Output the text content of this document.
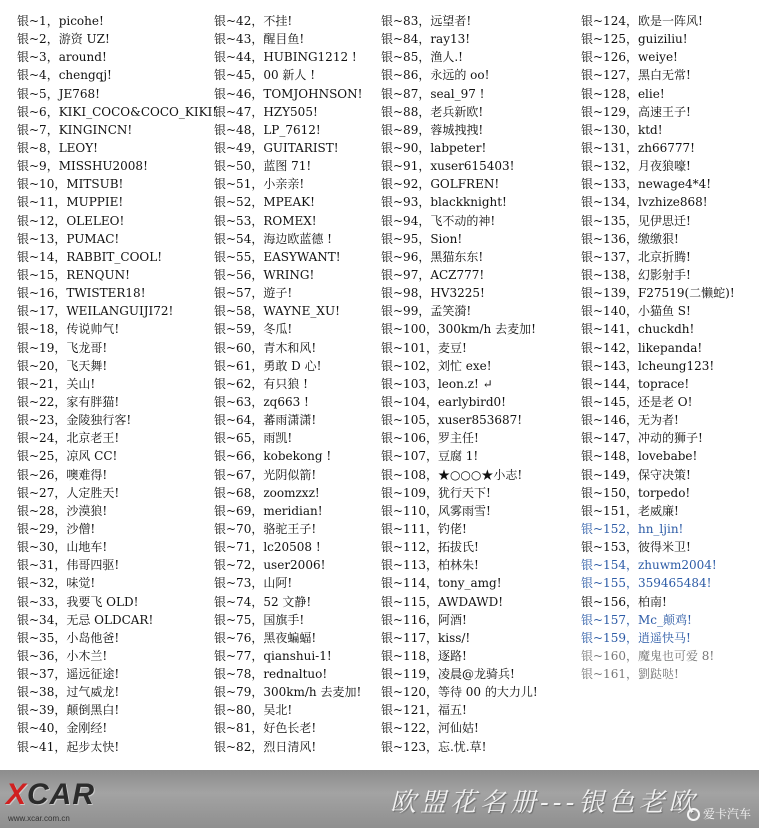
银~1，picohe!
银~2，游资 UZ!
银~3，around!
银~4，chengqj!
银~5，JE768!
银~6，KIKI_COCO&COCO_KIKI!
银~7，KINGINCN!
银~8，LEOY!
银~9，MISSHU2008!
银~10，MITSUB!
银~11，MUPPIE!
银~12，OLELEO!
银~13，PUMAC!
银~14，RABBIT_COOL!
银~15，RENQUN!
银~16，TWISTER18!
银~17，WEILANGUIJI72!
银~18，传说帅气!
银~19，飞龙哥!
银~20，飞天舞!
银~21，关山!
银~22，家有胖猫!
银~23，金陵独行客!
银~24，北京老王!
银~25，凉风 CC!
银~26，噢难得!
银~27，人定胜天!
银~28，沙漠狼!
银~29，沙僧!
银~30，山地车!
银~31，伟哥四驱!
银~32，味觉!
银~33，我要飞 OLD!
银~34，无忌 OLDCAR!
银~35，小岛他爸!
银~36，小木兰!
银~37，遥远征途!
银~38，过气威龙!
银~39，颠倒黑白!
银~40，金刚经!
银~41，起步太快!
银~42，不挂!
银~43，醒目鱼!
银~44，HUBING1212 !
银~45，00 新人 !
银~46，TOMJOHNSON!
银~47，HZY505!
银~48，LP_7612!
银~49，GUITARIST!
银~50，蓝图 71!
银~51，小亲亲!
银~52，MPEAK!
银~53，ROMEX!
银~54，海边欧蓝德 !
银~55，EASYWANT!
银~56，WRING!
银~57，遊子!
银~58，WAYNE_XU!
银~59，冬瓜!
银~60，青木和风!
银~61，勇敢 D 心!
银~62，有只狼 !
银~63，zq663 !
银~64，蕃雨潇潇!
银~65，雨凯!
银~66，kobekong !
银~67，光阴似箭!
银~68，zoomzxz!
银~69，meridian!
银~70，骆驼王子!
银~71，lc20508 !
银~72，user2006!
银~73，山阿!
银~74，52 文静!
银~75，国旗手!
银~76，黑夜蝙蝠!
银~77，qianshui-1!
银~78，rednaltuo!
银~79，300km/h 去麦加!
银~80，吴北!
银~81，好色长老!
银~82，烈日清风!
银~83，远望者!
银~84，ray13!
银~85，渔人.!
银~86，永远的 oo!
银~87，seal_97 !
银~88，老兵新欧!
银~89，蓉城拽拽!
银~90，labpeter!
银~91，xuser615403!
银~92，GOLFREN!
银~93，blackknight!
银~94，飞不动的神!
银~95，Sion!
银~96，黑猫东东!
银~97，ACZ777!
银~98，HV3225!
银~99，孟笑漪!
银~100，300km/h 去麦加!
银~101，麦豆!
银~102，刘忙 exe!
银~103，leon.z! ↵
银~104，earlybird0!
银~105，xuser853687!
银~106，罗主任!
银~107，豆腐 1!
银~108，★○○○★小志!
银~109，犹行天下!
银~110，风雾雨雪!
银~111，钓佬!
银~112，拓拔氏!
银~113，柏林朱!
银~114，tony_amg!
银~115，AWDAWD!
银~116，阿酒!
银~117，kiss/!
银~118，逐路!
银~119，凌晨@龙骑兵!
银~120，等待 00 的大力儿!
银~121，福五!
银~122，河仙姑!
银~123，忘.忧.草!
银~124，欧是一阵风!
银~125，guiziliu!
银~126，weiye!
银~127，黑白无常!
银~128，elie!
银~129，高速王子!
银~130，ktd!
银~131，zh66777!
银~132，月夜狼嚎!
银~133，newage4*4!
银~134，lvzhize868!
银~135，见伊思迁!
银~136，缴缴狠!
银~137，北京折腾!
银~138，幻影射手!
银~139，F27519(二懒蛇)!
银~140，小猫鱼 S!
银~141，chuckdh!
银~142，likepanda!
银~143，lcheung123!
银~144，toprace!
银~145，还是老 O!
银~146，无为者!
银~147，冲动的狮子!
银~148，lovebabe!
银~149，保守决策!
银~150，torpedo!
银~151，老威廉!
银~152，hn_ljin!
银~153，彼得米卫!
银~154，zhuwm2004!
银~155，359465484!
银~156，柏南!
银~157，Mc_颠鸡!
银~159，逍遥快马!
银~160，魔鬼也可爱 8!
银~161，劉跶哒!
XCAR
www.xcar.com.cn
欧盟花名册---银色老欧 爱卡汽车
